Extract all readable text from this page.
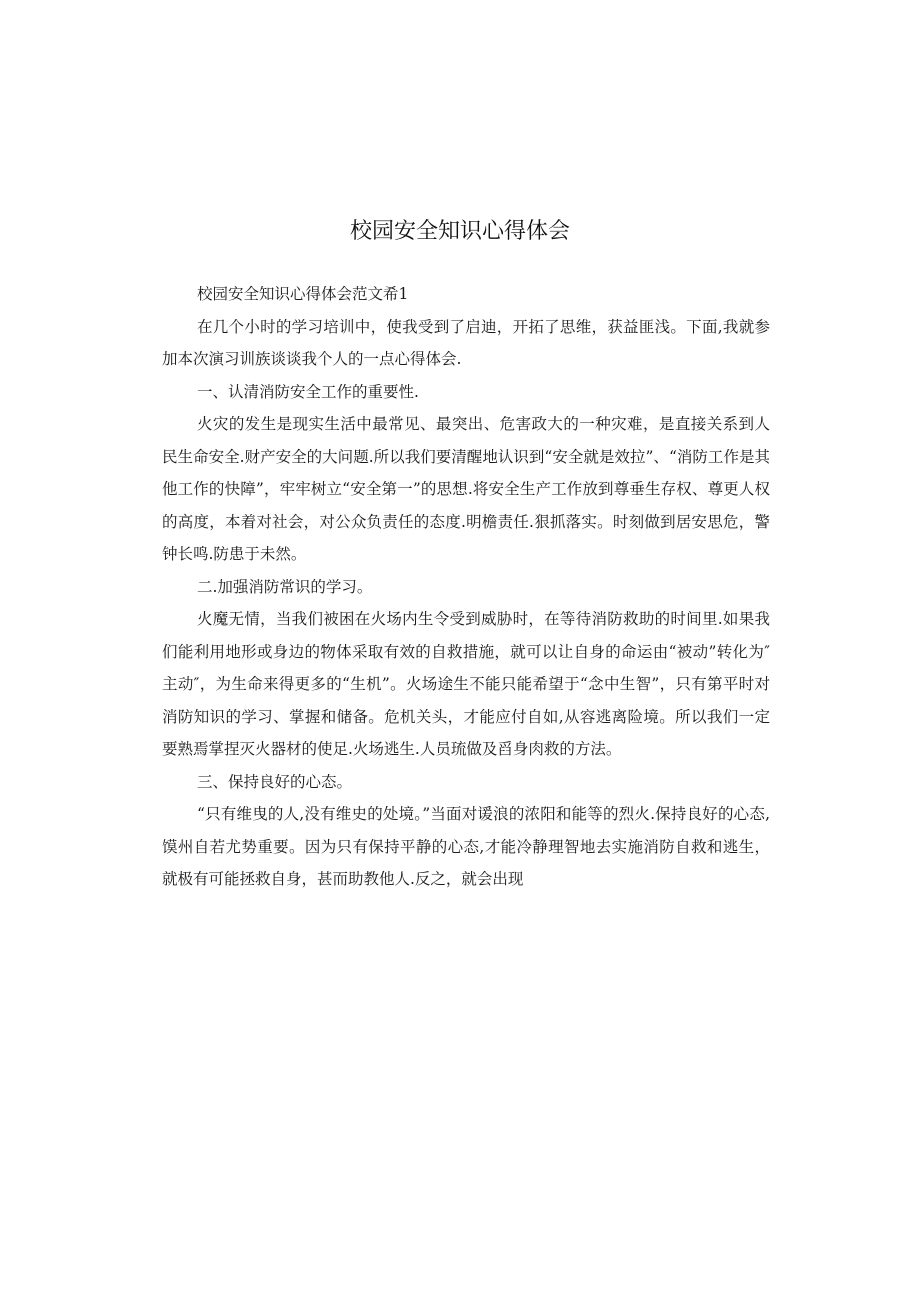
校园安全知识心得体会

校园安全知识心得体会范文希1

在几个小时的学习培训中，使我受到了启迪，开拓了思维，获益匪浅。下面,我就参加本次演习训族谈谈我个人的一点心得体会.

一、认清消防安全工作的重要性.

火灾的发生是现实生活中最常见、最突出、危害政大的一种灾难，是直接关系到人民生命安全.财产安全的大问题.所以我们要清醒地认识到“安全就是效拉”、“消防工作是其他工作的快障”，牢牢树立“安全第一”的思想.将安全生产工作放到尊垂生存权、尊更人权的高度，本着对社会，对公众负责任的态度.明檐责任.狠抓落实。时刻做到居安思危，警钟长鸣.防患于未然。

二.加强消防常识的学习。

火魔无情，当我们被困在火场内生令受到威胁时，在等待消防救助的时间里.如果我们能利用地形或身边的物体采取有效的自救措施，就可以让自身的命运由“被动”转化为″主动″，为生命来得更多的“生机”。火场途生不能只能希望于“念中生智”，只有第平时对消防知识的学习、掌握和储备。危机关头，才能应付自如,从容逃离险境。所以我们一定要熟焉掌捏灭火器材的使足.火场逃生.人员琉做及舀身肉救的方法。

三、保持良好的心态。

“只有维曳的人,没有维史的处境。”当面对谖浪的浓阳和能等的烈火.保持良好的心态,馍州自若尤势重要。因为只有保持平静的心态,才能冷静理智地去实施消防自救和逃生，就极有可能拯救自身，甚而助教他人.反之，就会出现
